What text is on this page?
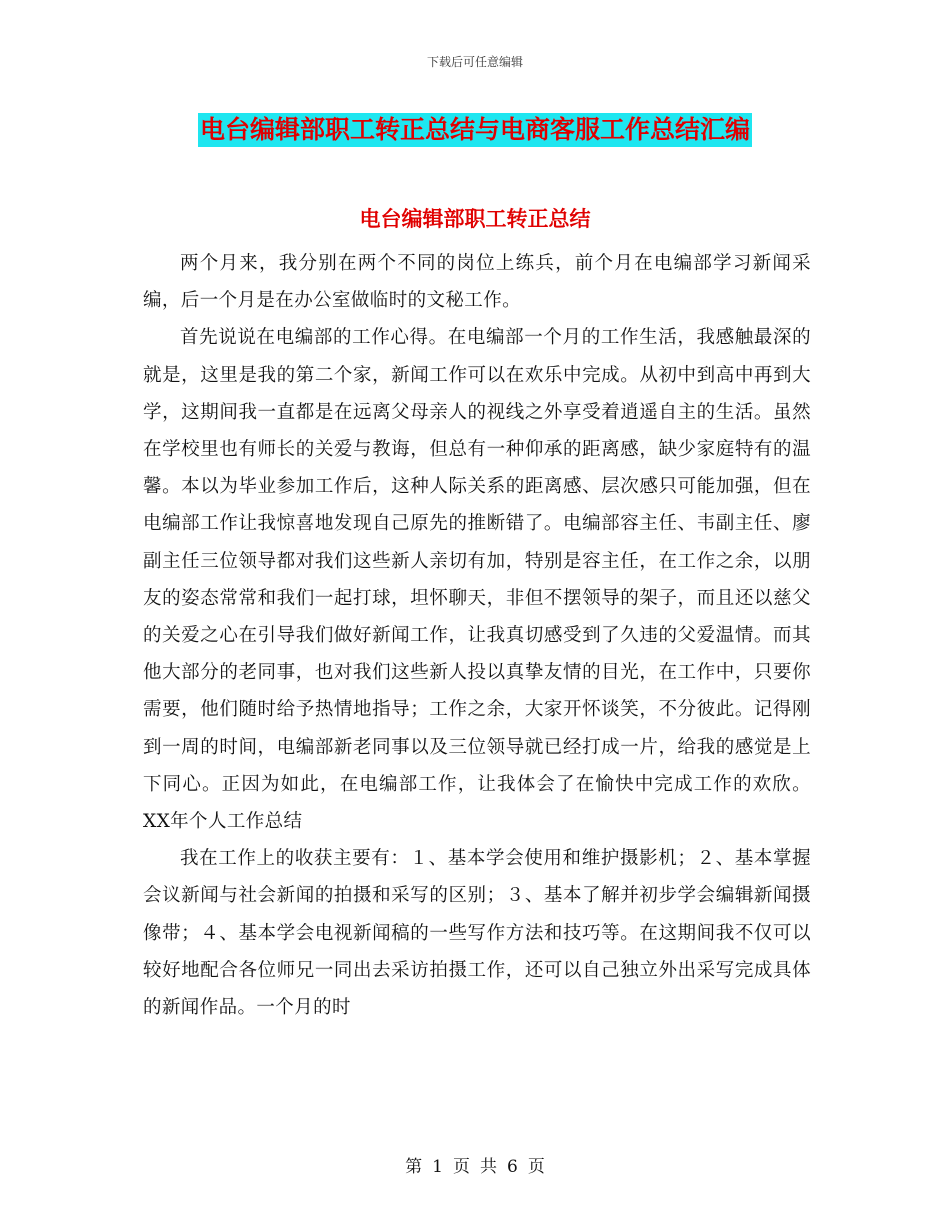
下载后可任意编辑
电台编辑部职工转正总结与电商客服工作总结汇编
电台编辑部职工转正总结

两个月来，我分别在两个不同的岗位上练兵，前个月在电编部学习新闻采编，后一个月是在办公室做临时的文秘工作。

首先说说在电编部的工作心得。在电编部一个月的工作生活，我感触最深的就是，这里是我的第二个家，新闻工作可以在欢乐中完成。从初中到高中再到大学，这期间我一直都是在远离父母亲人的视线之外享受着逍遥自主的生活。虽然在学校里也有师长的关爱与教诲，但总有一种仰承的距离感，缺少家庭特有的温馨。本以为毕业参加工作后，这种人际关系的距离感、层次感只可能加强，但在电编部工作让我惊喜地发现自己原先的推断错了。电编部容主任、韦副主任、廖副主任三位领导都对我们这些新人亲切有加，特别是容主任，在工作之余，以朋友的姿态常常和我们一起打球，坦怀聊天，非但不摆领导的架子，而且还以慈父的关爱之心在引导我们做好新闻工作，让我真切感受到了久违的父爱温情。而其他大部分的老同事，也对我们这些新人投以真挚友情的目光，在工作中，只要你需要，他们随时给予热情地指导；工作之余，大家开怀谈笑，不分彼此。记得刚到一周的时间，电编部新老同事以及三位领导就已经打成一片，给我的感觉是上下同心。正因为如此，在电编部工作，让我体会了在愉快中完成工作的欢欣。 XX年个人工作总结

我在工作上的收获主要有：１、基本学会使用和维护摄影机；２、基本掌握会议新闻与社会新闻的拍摄和采写的区别；３、基本了解并初步学会编辑新闻摄像带；４、基本学会电视新闻稿的一些写作方法和技巧等。在这期间我不仅可以较好地配合各位师兄一同出去采访拍摄工作，还可以自己独立外出采写完成具体的新闻作品。一个月的时

第 1 页 共 6 页
